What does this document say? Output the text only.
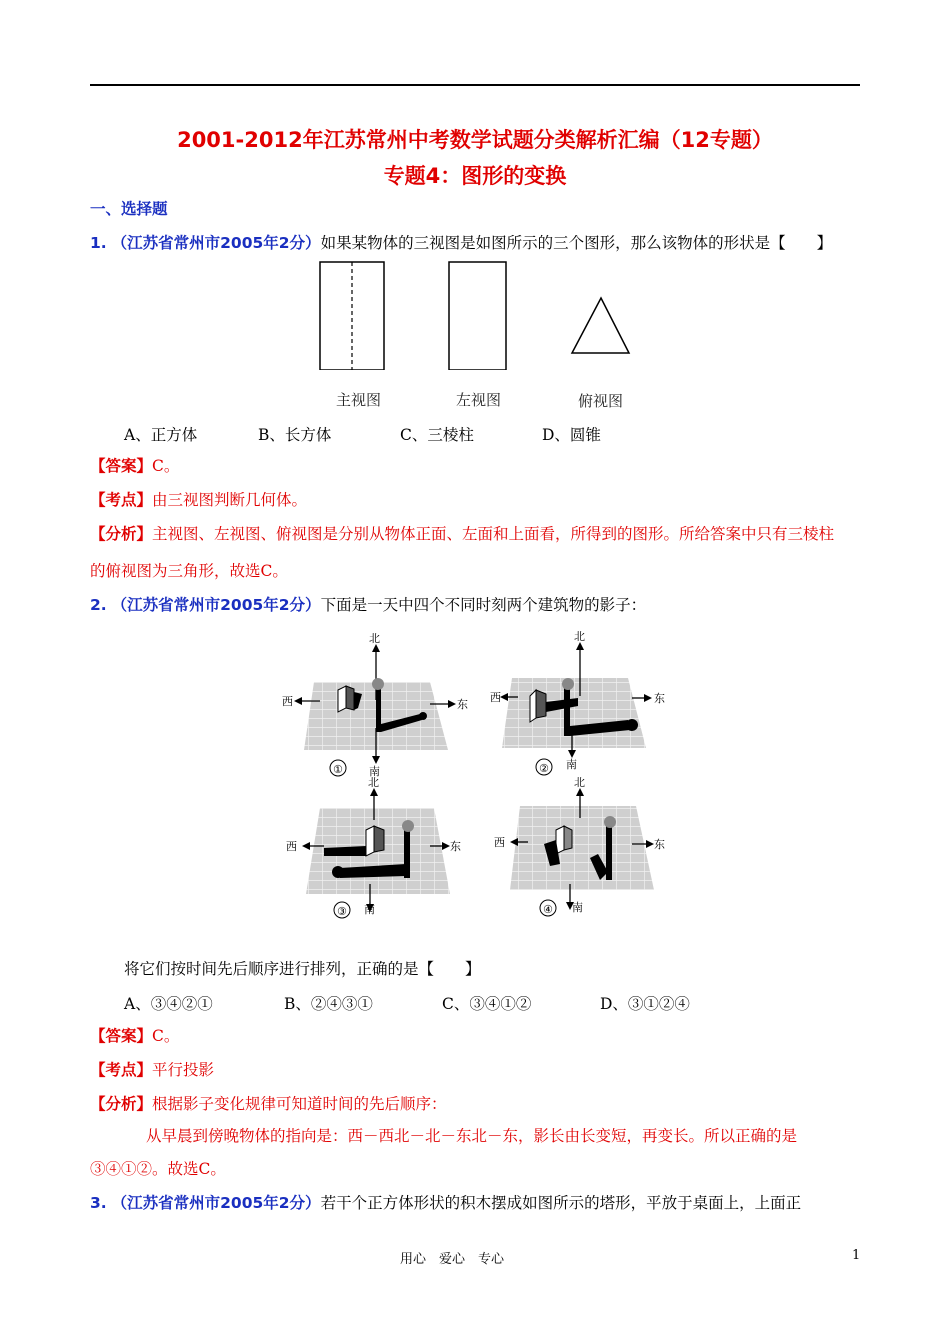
2001-2012年江苏常州中考数学试题分类解析汇编（12专题）
专题4：图形的变换
一、选择题
1. （江苏省常州市2005年2分）如果某物体的三视图是如图所示的三个图形，那么该物体的形状是【　　】
主视图	左视图	俯视图
A、正方体	B、长方体	C、三棱柱	D、圆锥
【答案】C。
【考点】由三视图判断几何体。
【分析】主视图、左视图、俯视图是分别从物体正面、左面和上面看，所得到的图形。所给答案中只有三棱柱
的俯视图为三角形，故选C。
2. （江苏省常州市2005年2分）下面是一天中四个不同时刻两个建筑物的影子：
北
西	东
南
①
北
西	东
南
②
北
西	东
南
③
北
西	东
南
④
将它们按时间先后顺序进行排列，正确的是【　　】
A、③④②①	B、②④③①	C、③④①②	D、③①②④
【答案】C。
【考点】平行投影
【分析】根据影子变化规律可知道时间的先后顺序：
从早晨到傍晚物体的指向是：西－西北－北－东北－东，影长由长变短，再变长。所以正确的是
③④①②。故选C。
3. （江苏省常州市2005年2分）若干个正方体形状的积木摆成如图所示的塔形，平放于桌面上，上面正
用心　爱心　专心	1
